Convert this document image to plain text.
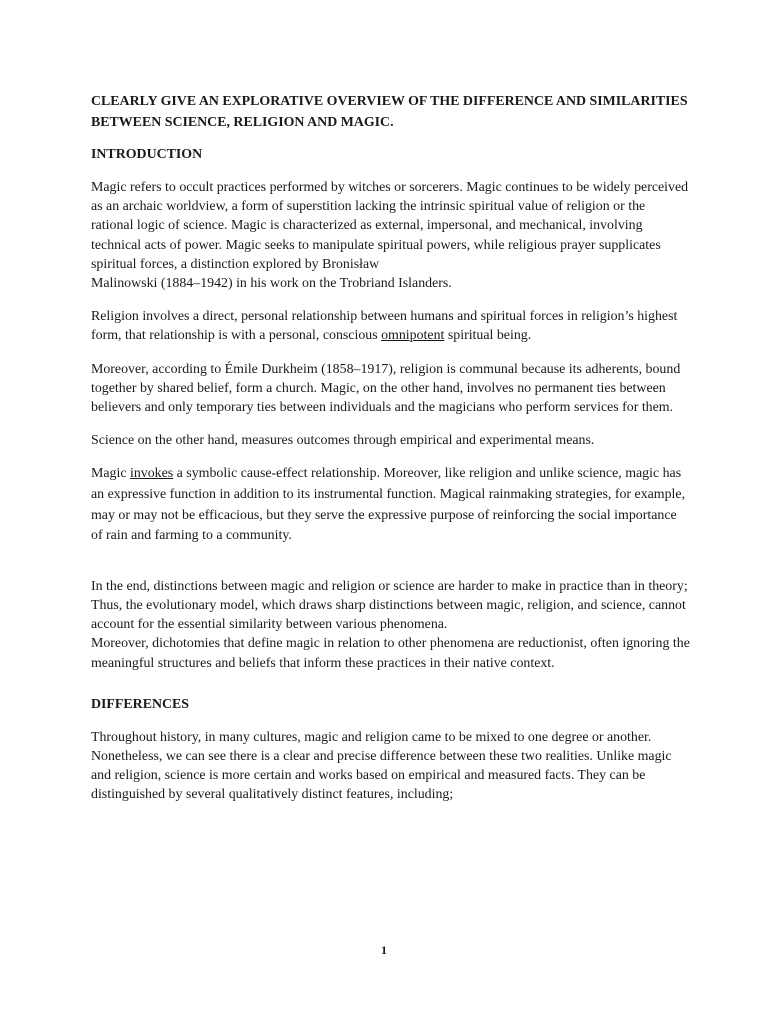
CLEARLY GIVE AN EXPLORATIVE OVERVIEW OF THE DIFFERENCE AND SIMILARITIES BETWEEN SCIENCE, RELIGION AND MAGIC.
INTRODUCTION

Magic refers to occult practices performed by witches or sorcerers. Magic continues to be widely perceived as an archaic worldview, a form of superstition lacking the intrinsic spiritual value of religion or the rational logic of science. Magic is characterized as external, impersonal, and mechanical, involving technical acts of power. Magic seeks to manipulate spiritual powers, while religious prayer supplicates spiritual forces, a distinction explored by Bronisław
Malinowski (1884–1942) in his work on the Trobriand Islanders.

Religion involves a direct, personal relationship between humans and spiritual forces in religion’s highest form, that relationship is with a personal, conscious omnipotent spiritual being.

Moreover, according to Émile Durkheim (1858–1917), religion is communal because its adherents, bound together by shared belief, form a church. Magic, on the other hand, involves no permanent ties between believers and only temporary ties between individuals and the magicians who perform services for them.

Science on the other hand, measures outcomes through empirical and experimental means.

Magic invokes a symbolic cause-effect relationship. Moreover, like religion and unlike science, magic has an expressive function in addition to its instrumental function. Magical rainmaking strategies, for example, may or may not be efficacious, but they serve the expressive purpose of reinforcing the social importance of rain and farming to a community.

In the end, distinctions between magic and religion or science are harder to make in practice than in theory; Thus, the evolutionary model, which draws sharp distinctions between magic, religion, and science, cannot account for the essential similarity between various phenomena.
Moreover, dichotomies that define magic in relation to other phenomena are reductionist, often ignoring the meaningful structures and beliefs that inform these practices in their native context.

DIFFERENCES

Throughout history, in many cultures, magic and religion came to be mixed to one degree or another. Nonetheless, we can see there is a clear and precise difference between these two realities. Unlike magic and religion, science is more certain and works based on empirical and measured facts. They can be distinguished by several qualitatively distinct features, including;

1
